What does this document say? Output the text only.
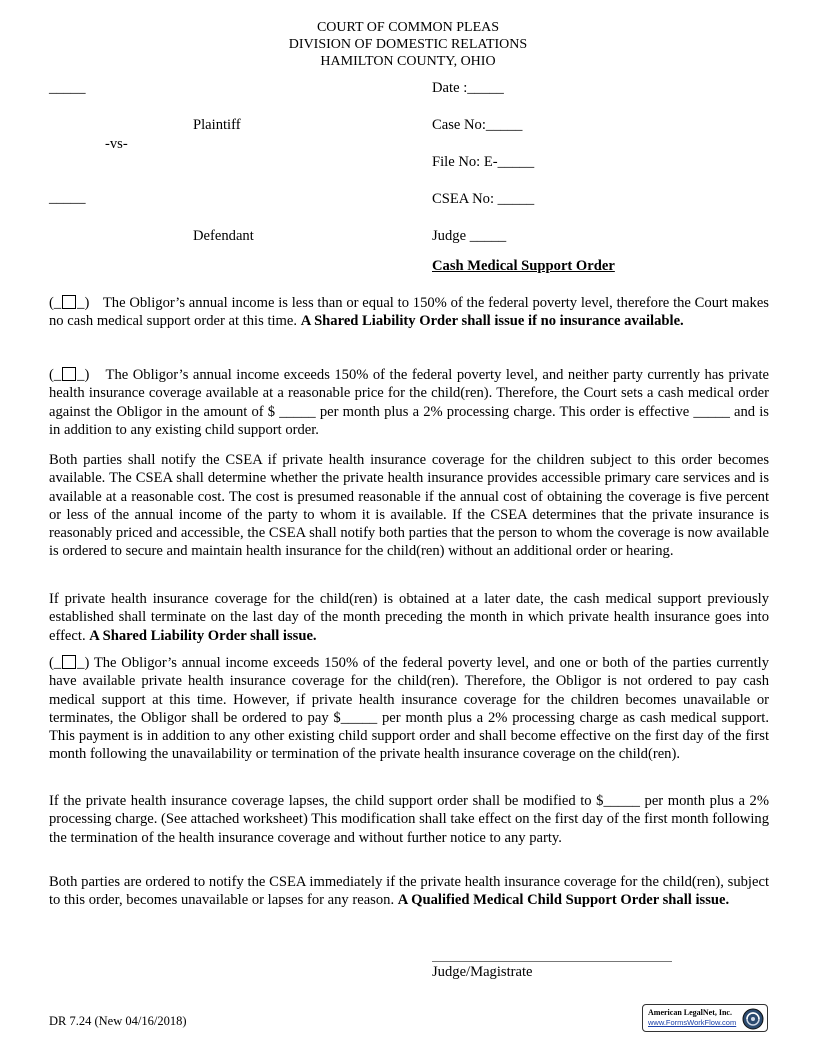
COURT OF COMMON PLEAS
DIVISION OF DOMESTIC RELATIONS
HAMILTON COUNTY, OHIO
_____
Plaintiff
-vs-
_____
Defendant
Date :_____
Case No:_____
File No: E-_____
CSEA No: _____
Judge _____
Cash Medical Support Order
(_ _) The Obligor’s annual income is less than or equal to 150% of the federal poverty level, therefore the Court makes no cash medical support order at this time. A Shared Liability Order shall issue if no insurance available.
(_ _) The Obligor’s annual income exceeds 150% of the federal poverty level, and neither party currently has private health insurance coverage available at a reasonable price for the child(ren). Therefore, the Court sets a cash medical order against the Obligor in the amount of $ _____ per month plus a 2% processing charge. This order is effective _____ and is in addition to any existing child support order.
Both parties shall notify the CSEA if private health insurance coverage for the children subject to this order becomes available. The CSEA shall determine whether the private health insurance provides accessible primary care services and is available at a reasonable cost. The cost is presumed reasonable if the annual cost of obtaining the coverage is five percent or less of the annual income of the party to whom it is available. If the CSEA determines that the private insurance is reasonably priced and accessible, the CSEA shall notify both parties that the person to whom the coverage is now available is ordered to secure and maintain health insurance for the child(ren) without an additional order or hearing.
If private health insurance coverage for the child(ren) is obtained at a later date, the cash medical support previously established shall terminate on the last day of the month preceding the month in which private health insurance goes into effect. A Shared Liability Order shall issue.
(_ _) The Obligor’s annual income exceeds 150% of the federal poverty level, and one or both of the parties currently have available private health insurance coverage for the child(ren). Therefore, the Obligor is not ordered to pay cash medical support at this time. However, if private health insurance coverage for the children becomes unavailable or terminates, the Obligor shall be ordered to pay $_____ per month plus a 2% processing charge as cash medical support. This payment is in addition to any other existing child support order and shall become effective on the first day of the first month following the unavailability or termination of the private health insurance coverage on the child(ren).
If the private health insurance coverage lapses, the child support order shall be modified to $_____ per month plus a 2% processing charge. (See attached worksheet) This modification shall take effect on the first day of the first month following the termination of the health insurance coverage and without further notice to any party.
Both parties are ordered to notify the CSEA immediately if the private health insurance coverage for the child(ren), subject to this order, becomes unavailable or lapses for any reason. A Qualified Medical Child Support Order shall issue.
Judge/Magistrate
DR 7.24 (New 04/16/2018)
American LegalNet, Inc.
www.FormsWorkFlow.com
